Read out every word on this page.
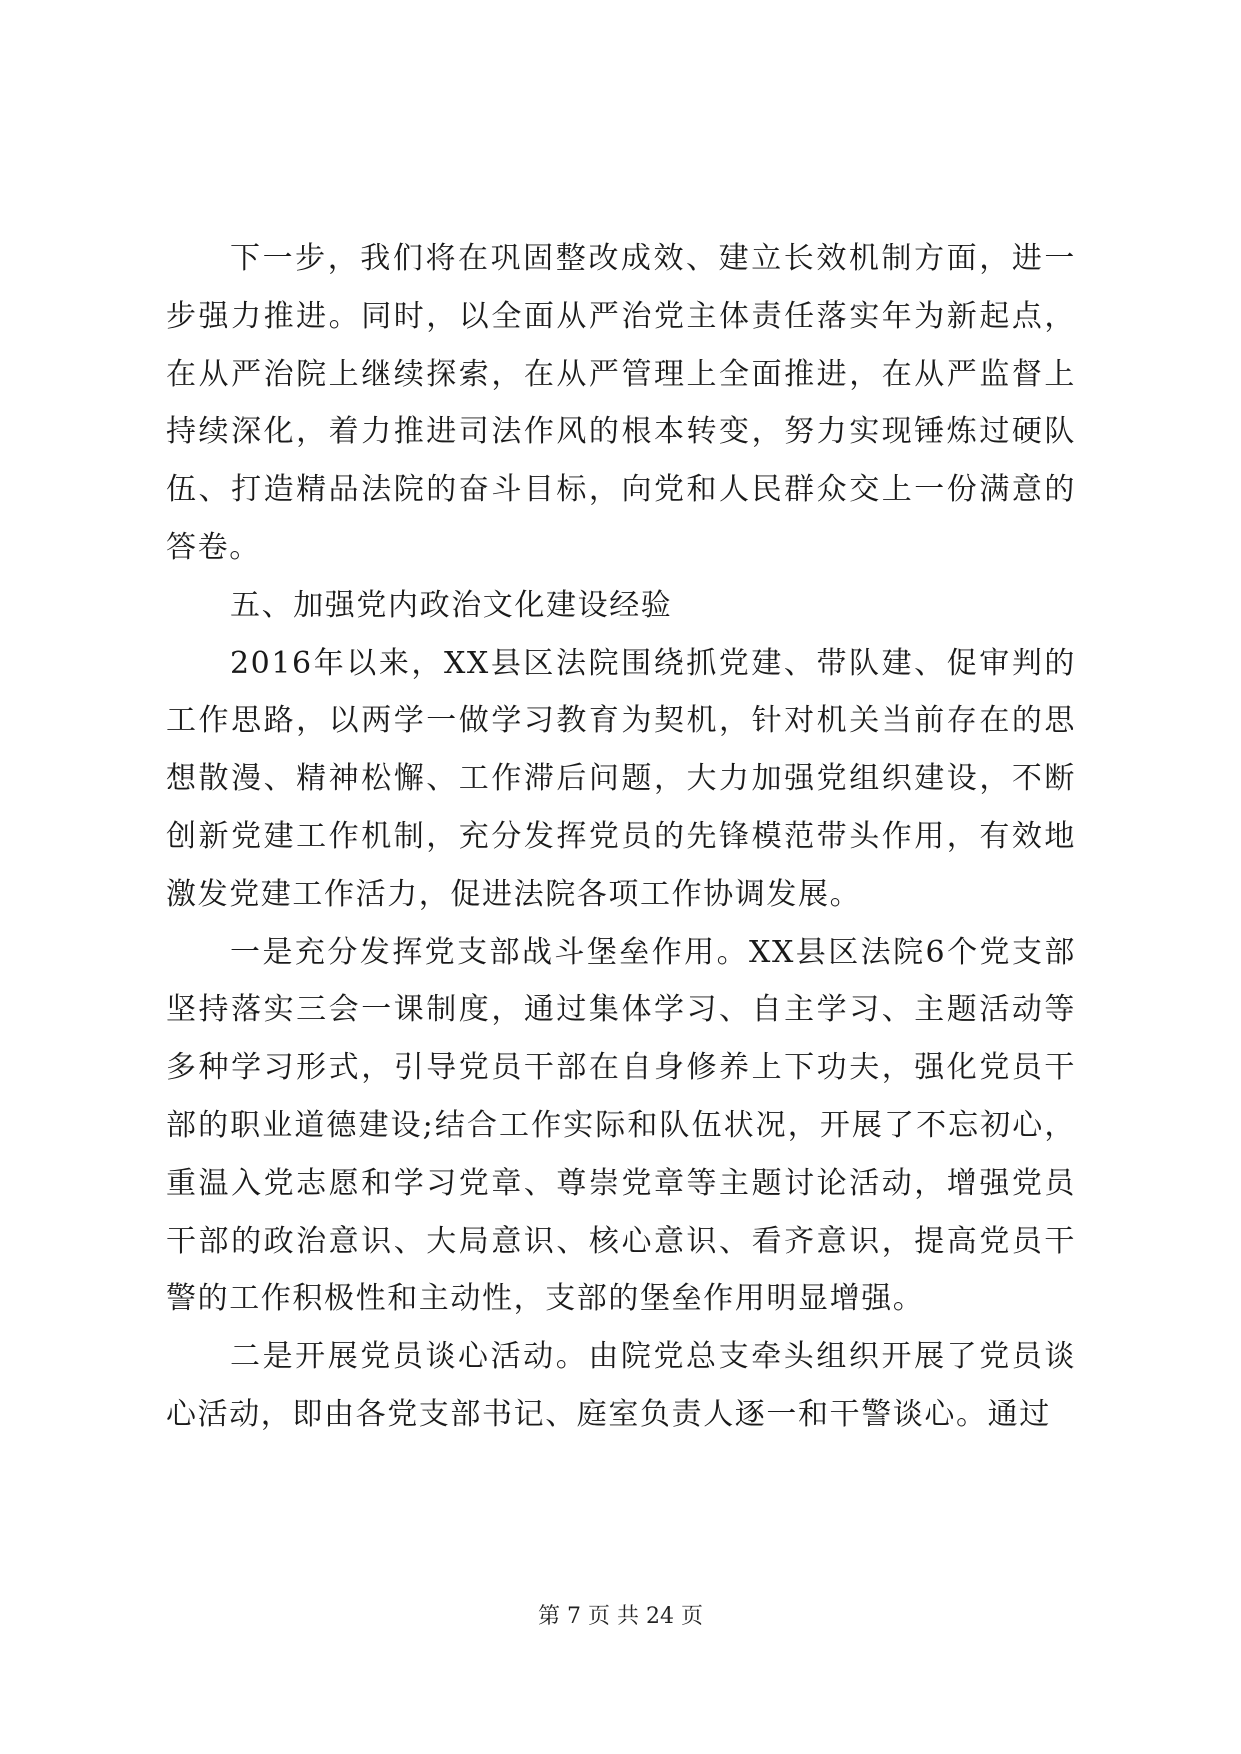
下一步，我们将在巩固整改成效、建立长效机制方面，进一步强力推进。同时，以全面从严治党主体责任落实年为新起点，在从严治院上继续探索，在从严管理上全面推进，在从严监督上持续深化，着力推进司法作风的根本转变，努力实现锤炼过硬队伍、打造精品法院的奋斗目标，向党和人民群众交上一份满意的答卷。

五、加强党内政治文化建设经验

2016年以来，XX县区法院围绕抓党建、带队建、促审判的工作思路，以两学一做学习教育为契机，针对机关当前存在的思想散漫、精神松懈、工作滞后问题，大力加强党组织建设，不断创新党建工作机制，充分发挥党员的先锋模范带头作用，有效地激发党建工作活力，促进法院各项工作协调发展。

一是充分发挥党支部战斗堡垒作用。XX县区法院6个党支部坚持落实三会一课制度，通过集体学习、自主学习、主题活动等多种学习形式，引导党员干部在自身修养上下功夫，强化党员干部的职业道德建设;结合工作实际和队伍状况，开展了不忘初心，重温入党志愿和学习党章、尊崇党章等主题讨论活动，增强党员干部的政治意识、大局意识、核心意识、看齐意识，提高党员干警的工作积极性和主动性，支部的堡垒作用明显增强。

二是开展党员谈心活动。由院党总支牵头组织开展了党员谈心活动，即由各党支部书记、庭室负责人逐一和干警谈心。通过

第 7 页 共 24 页
